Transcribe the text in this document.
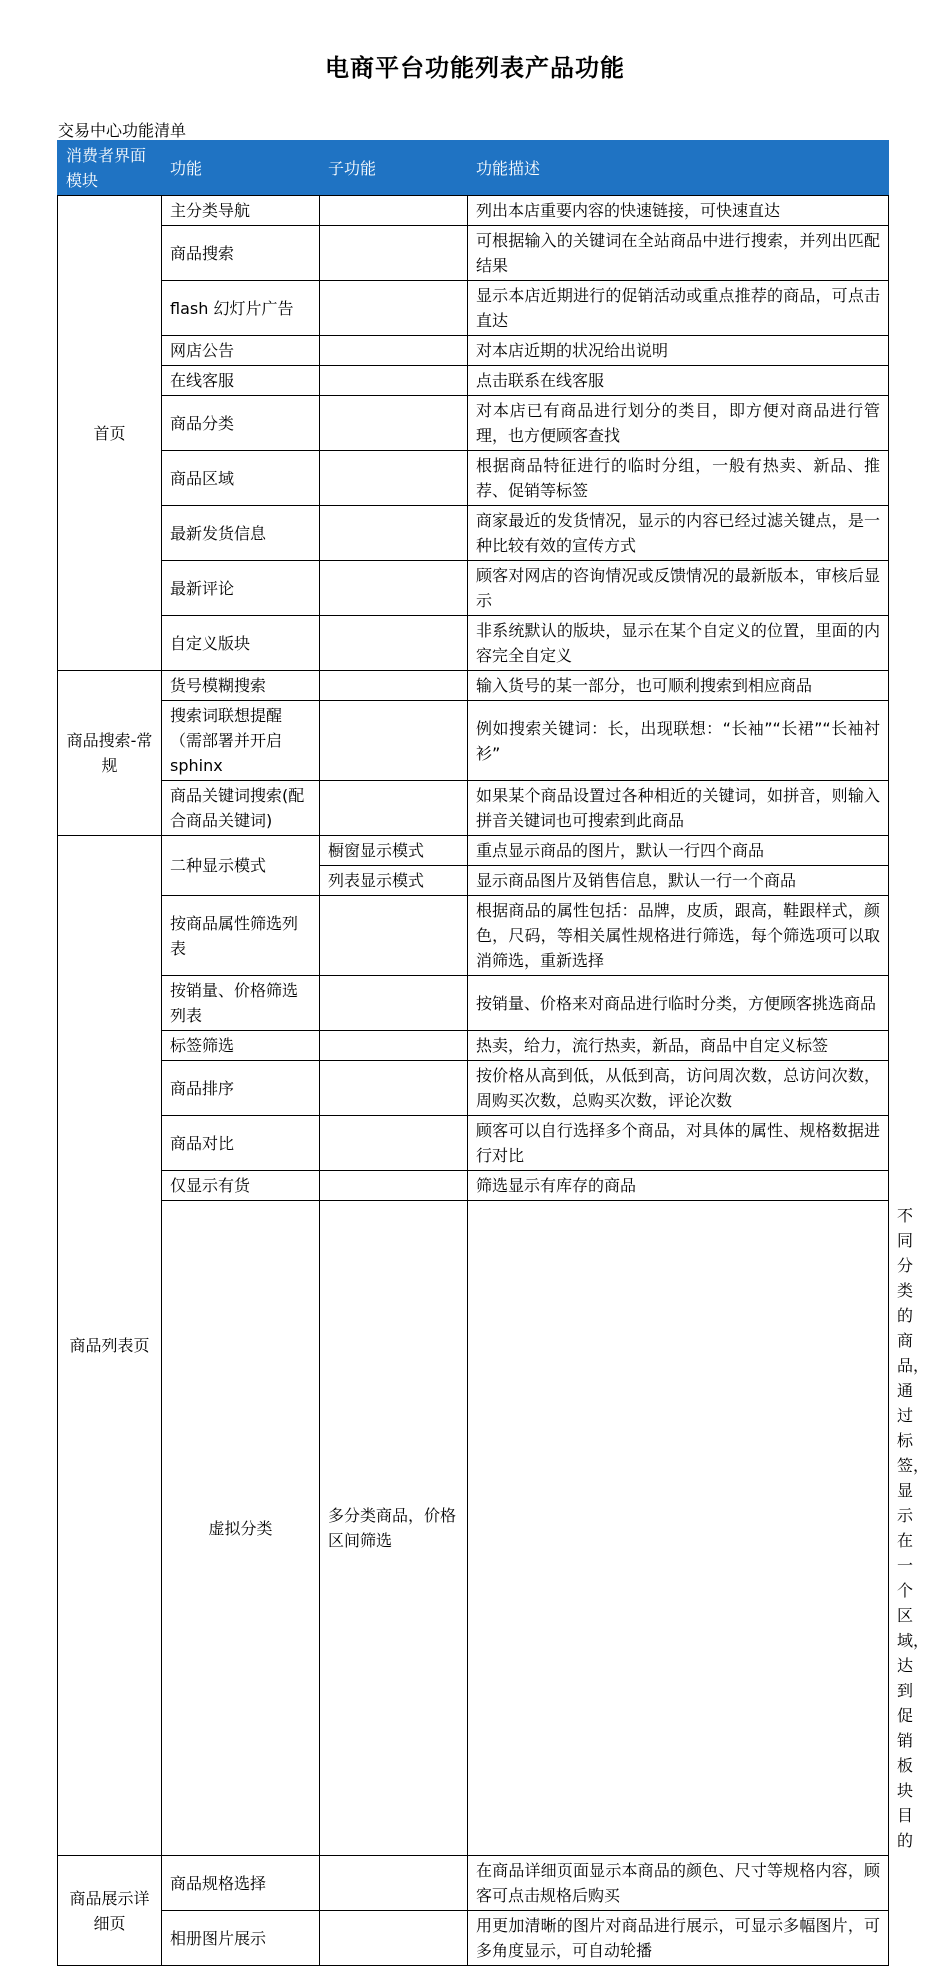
电商平台功能列表产品功能
交易中心功能清单
消费者界面模块	功能	子功能	功能描述	
首页	主分类导航		列出本店重要内容的快速链接，可快速直达	
	商品搜索		可根据输入的关键词在全站商品中进行搜索，并列出匹配结果	
	flash 幻灯片广告		显示本店近期进行的促销活动或重点推荐的商品，可点击直达	
	网店公告		对本店近期的状况给出说明	
	在线客服		点击联系在线客服	
	商品分类		对本店已有商品进行划分的类目，即方便对商品进行管理，也方便顾客查找	
	商品区域		根据商品特征进行的临时分组，一般有热卖、新品、推荐、促销等标签	
	最新发货信息		商家最近的发货情况，显示的内容已经过滤关键点，是一种比较有效的宣传方式	
	最新评论		顾客对网店的咨询情况或反馈情况的最新版本，审核后显示	
	自定义版块		非系统默认的版块，显示在某个自定义的位置，里面的内容完全自定义	
商品搜索-常规	货号模糊搜索		输入货号的某一部分，也可顺利搜索到相应商品	
	搜索词联想提醒（需部署并开启 sphinx		例如搜索关键词：长，出现联想：“长袖”“长裙”“长袖衬衫”	
	商品关键词搜索(配合商品关键词)		如果某个商品设置过各种相近的关键词，如拼音，则输入拼音关键词也可搜索到此商品	
商品列表页	二种显示模式	橱窗显示模式	重点显示商品的图片，默认一行四个商品	
		列表显示模式	显示商品图片及销售信息，默认一行一个商品	
	按商品属性筛选列表		根据商品的属性包括：品牌，皮质，跟高，鞋跟样式，颜色，尺码，等相关属性规格进行筛选，每个筛选项可以取消筛选，重新选择	
	按销量、价格筛选列表		按销量、价格来对商品进行临时分类，方便顾客挑选商品	
	标签筛选		热卖，给力，流行热卖，新品，商品中自定义标签	
	商品排序		按价格从高到低，从低到高，访问周次数，总访问次数，周购买次数，总购买次数，评论次数	
	商品对比		顾客可以自行选择多个商品，对具体的属性、规格数据进行对比	
	仅显示有货		筛选显示有库存的商品	
	虚拟分类	多分类商品，价格区间筛选		不同分类的商品，通过标签，显示在一个区域，达到促销板块目的
商品展示详细页	商品规格选择		在商品详细页面显示本商品的颜色、尺寸等规格内容，顾客可点击规格后购买	
	相册图片展示		用更加清晰的图片对商品进行展示，可显示多幅图片，可多角度显示，可自动轮播	
